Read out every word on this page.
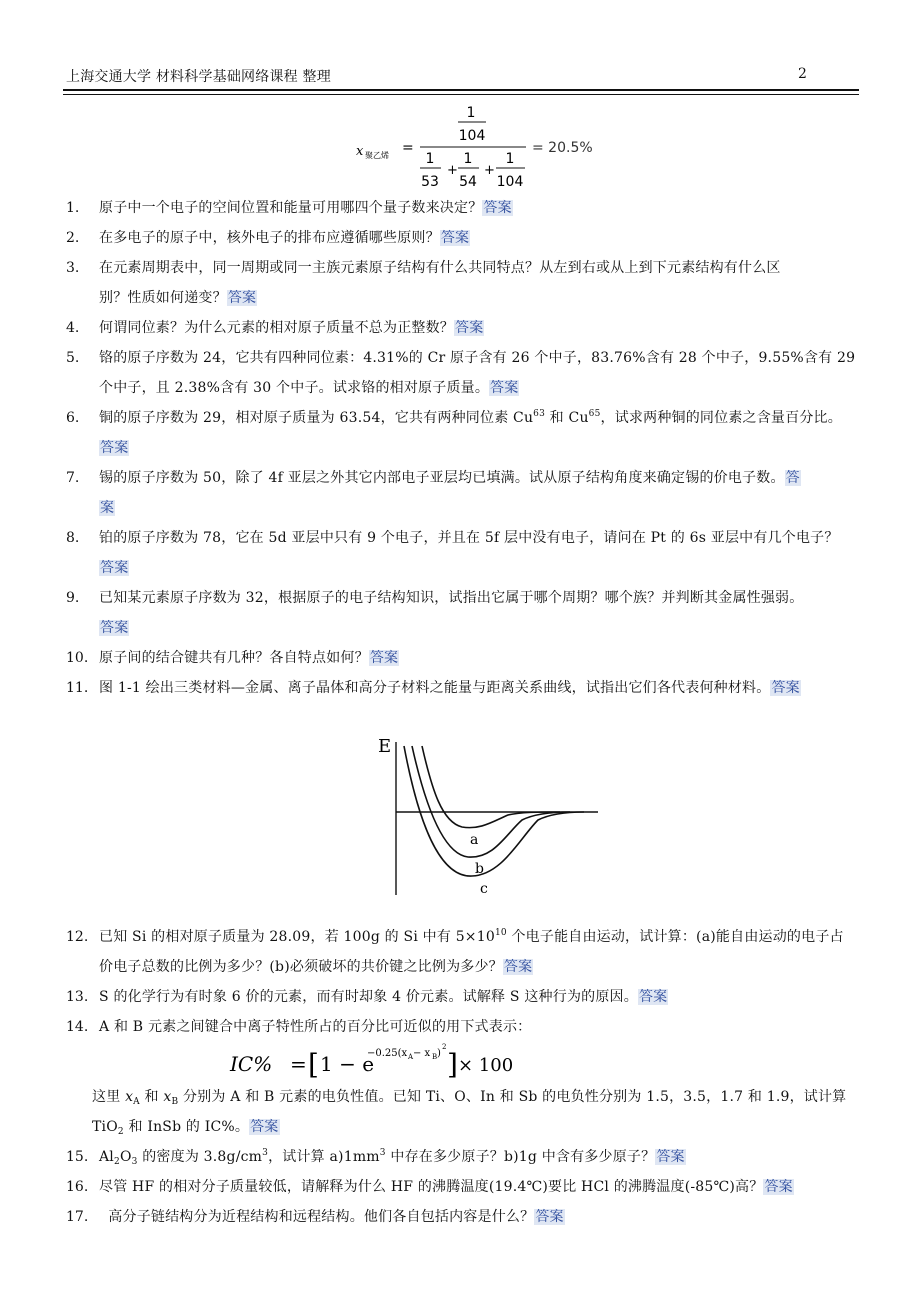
上海交通大学 材料科学基础网络课程 整理	2
x 聚乙烯 =
1
104
1
53
+
1
54
+
1
104
= 20.5%
1. 原子中一个电子的空间位置和能量可用哪四个量子数来决定？答案
2. 在多电子的原子中，核外电子的排布应遵循哪些原则？答案
3. 在元素周期表中，同一周期或同一主族元素原子结构有什么共同特点？从左到右或从上到下元素结构有什么区
别？性质如何递变？答案
4. 何谓同位素？为什么元素的相对原子质量不总为正整数？答案
5. 铬的原子序数为 24，它共有四种同位素：4.31%的 Cr 原子含有 26 个中子，83.76%含有 28 个中子，9.55%含有 29
个中子，且 2.38%含有 30 个中子。试求铬的相对原子质量。答案
6. 铜的原子序数为 29，相对原子质量为 63.54，它共有两种同位素 Cu$^{63}$ 和 Cu$^{65}$，试求两种铜的同位素之含量百分比。
答案
7. 锡的原子序数为 50，除了 4f 亚层之外其它内部电子亚层均已填满。试从原子结构角度来确定锡的价电子数。答
案
8. 铂的原子序数为 78，它在 5d 亚层中只有 9 个电子，并且在 5f 层中没有电子，请问在 Pt 的 6s 亚层中有几个电子？
答案
9. 已知某元素原子序数为 32，根据原子的电子结构知识，试指出它属于哪个周期？哪个族？并判断其金属性强弱。
答案
10. 原子间的结合键共有几种？各自特点如何？答案
11. 图 1-1 绘出三类材料—金属、离子晶体和高分子材料之能量与距离关系曲线，试指出它们各代表何种材料。答案
E
a
b
c
12. 已知 Si 的相对原子质量为 28.09，若 100g 的 Si 中有 $5\times 10^{10}$ 个电子能自由运动，试计算：(a)能自由运动的电子占
价电子总数的比例为多少？(b)必须破坏的共价键之比例为多少？答案
13. S 的化学行为有时象 6 价的元素，而有时却象 4 价元素。试解释 S 这种行为的原因。答案
14. A 和 B 元素之间键合中离子特性所占的百分比可近似的用下式表示：
IC% = [ 1 − e
−0.25(x A − x B )
2
] × 100
这里 $x_A$ 和 $x_B$ 分别为 A 和 B 元素的电负性值。已知 Ti、O、In 和 Sb 的电负性分别为 1.5，3.5，1.7 和 1.9，试计算
TiO$_2$ 和 InSb 的 IC%。答案
15. $Al_2O_3$ 的密度为 $3.8g/cm^3$，试计算 $a)1mm^3$ 中存在多少原子？b)1g 中含有多少原子？答案
16. 尽管 HF 的相对分子质量较低，请解释为什么 HF 的沸腾温度(19.4℃)要比 HCl 的沸腾温度(-85℃)高？答案
17. 高分子链结构分为近程结构和远程结构。他们各自包括内容是什么？答案
